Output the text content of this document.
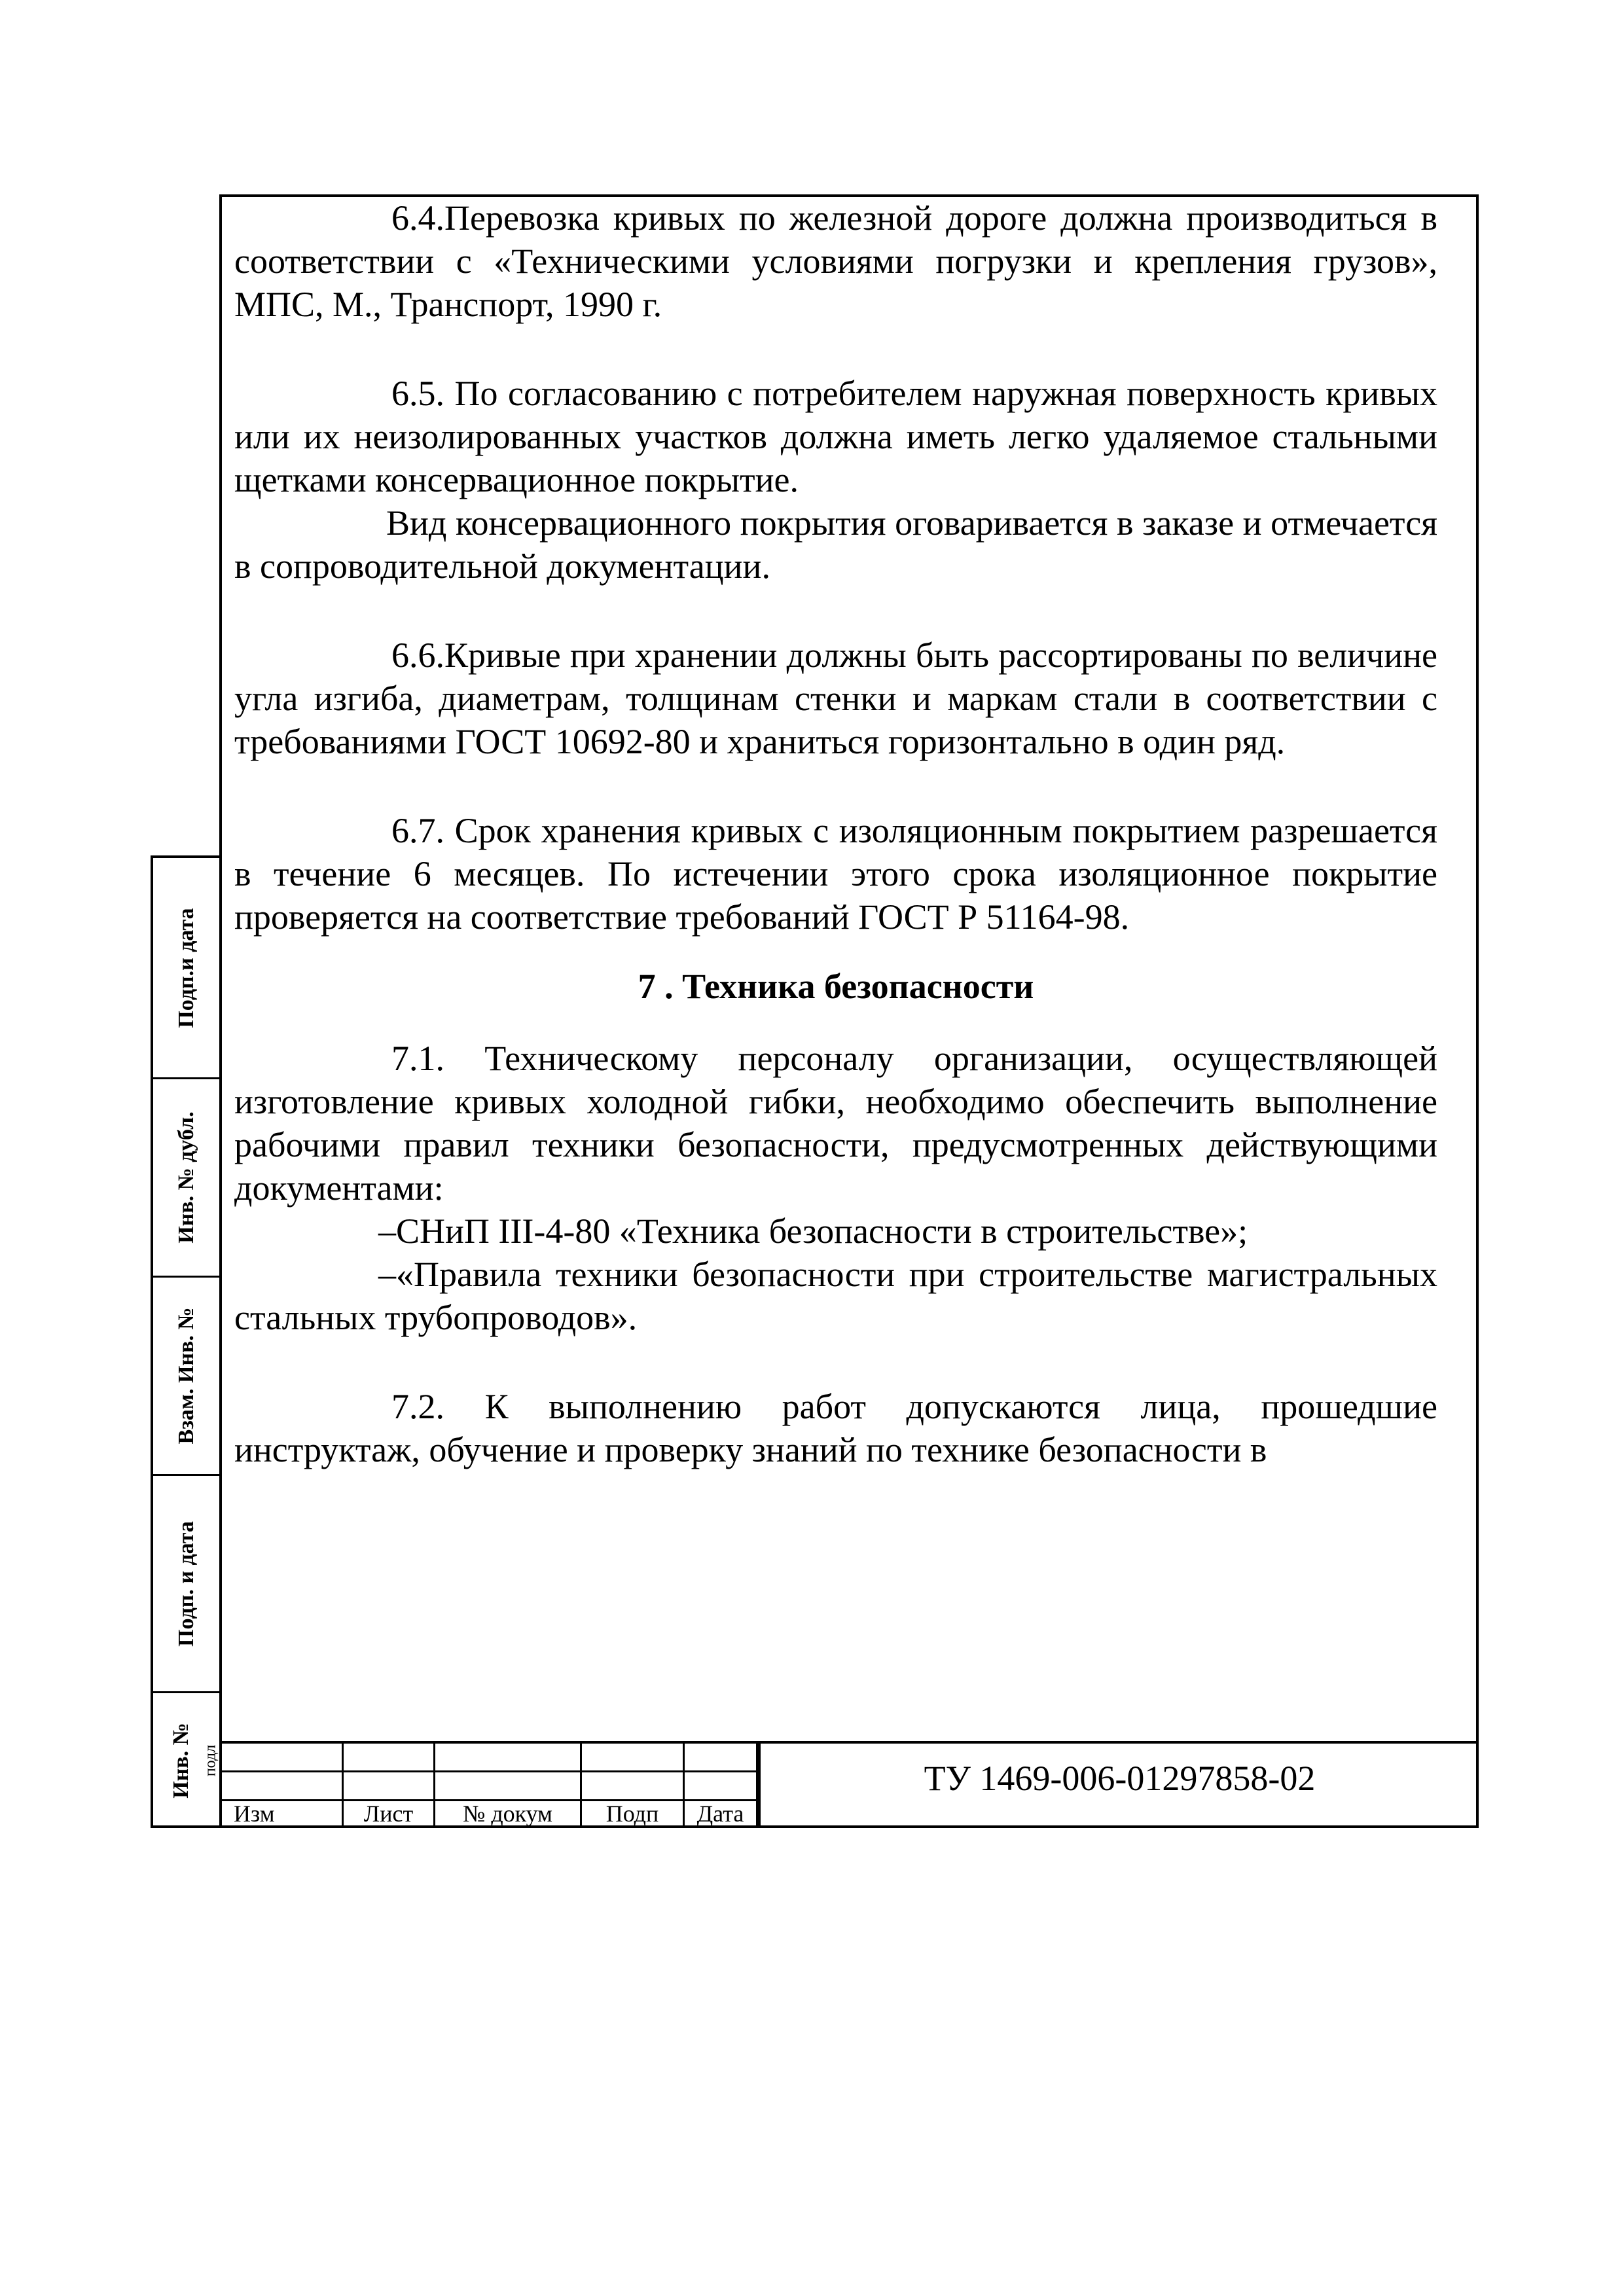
6.4.Перевозка кривых по железной дороге должна производиться в соответствии с «Техническими условиями погрузки и крепления грузов», МПС, М., Транспорт, 1990 г.

6.5. По согласованию с потребителем наружная поверхность кривых или их неизолированных участков должна иметь легко удаляемое стальными щетками консервационное покрытие.

Вид консервационного покрытия оговаривается в заказе и отмечается в сопроводительной документации.

6.6.Кривые при хранении должны быть рассортированы по величине угла изгиба, диаметрам, толщинам стенки и маркам стали в соответствии с требованиями ГОСТ 10692-80 и храниться горизонтально в один ряд.

6.7. Срок хранения кривых с изоляционным покрытием разрешается в течение 6 месяцев. По истечении этого срока изоляционное покрытие проверяется на соответствие требований ГОСТ Р 51164-98.

7 . Техника безопасности

7.1. Техническому персоналу организации, осуществляющей изготовление кривых холодной гибки, необходимо обеспечить выполнение рабочими правил техники безопасности, предусмотренных действующими документами:

–СНиП III-4-80 «Техника безопасности в строительстве»;

–«Правила техники безопасности при строительстве магистральных стальных трубопроводов».

7.2. К выполнению работ допускаются лица, прошедшие инструктаж, обучение и проверку знаний по технике безопасности в

Подп.и дата
Инв. № дубл.
Взам. Инв. №
Подп. и дата
Инв. № подл
Изм	Лист	№ докум	Подп	Дата
ТУ 1469-006-01297858-02
